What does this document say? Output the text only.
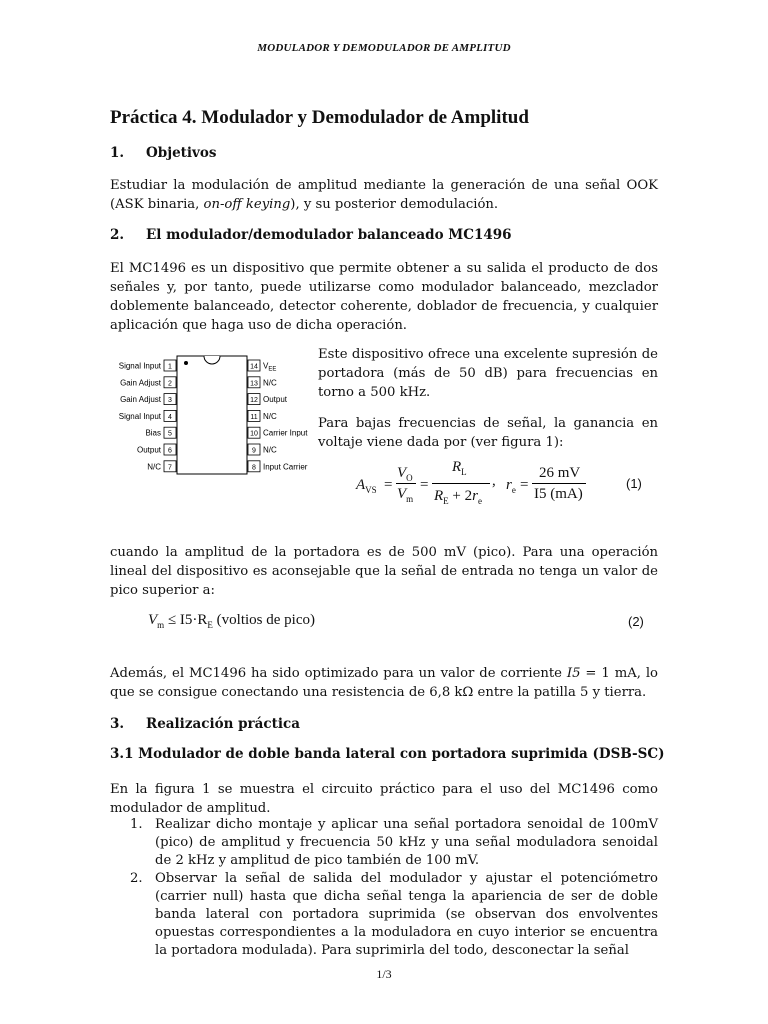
MODULADOR Y DEMODULADOR DE AMPLITUD
Práctica 4. Modulador y Demodulador de Amplitud
1. Objetivos
Estudiar la modulación de amplitud mediante la generación de una señal OOK (ASK binaria, on-off keying), y su posterior demodulación.
2. El modulador/demodulador balanceado MC1496
El MC1496 es un dispositivo que permite obtener a su salida el producto de dos señales y, por tanto, puede utilizarse como modulador balanceado, mezclador doblemente balanceado, detector coherente, doblador de frecuencia, y cualquier aplicación que haga uso de dicha operación.
1
Signal Input
2
Gain Adjust
3
Gain Adjust
4
Signal Input
5
Bias
6
Output
7
N/C
14 $V_{EE}$
13 N/C
12 Output
11 N/C
10 Carrier Input
9 N/C
8 Input Carrier
Este dispositivo ofrece una excelente supresión de portadora (más de 50 dB) para frecuencias en torno a 500 kHz.
Para bajas frecuencias de señal, la ganancia en voltaje viene dada por (ver figura 1):
$A_{VS}$ =
$V_O$
$V_m$
=
$R_L$
$R_E + 2r_e$
, $r_e$ =
26 mV
I5 (mA)
(1)
cuando la amplitud de la portadora es de 500 mV (pico). Para una operación lineal del dispositivo es aconsejable que la señal de entrada no tenga un valor de pico superior a:
$V_m \le I5\cdot R_E$ (voltios de pico)	(2)
Además, el MC1496 ha sido optimizado para un valor de corriente I5 = 1 mA, lo que se consigue conectando una resistencia de 6,8 kΩ entre la patilla 5 y tierra.
3. Realización práctica
3.1 Modulador de doble banda lateral con portadora suprimida (DSB-SC)
En la figura 1 se muestra el circuito práctico para el uso del MC1496 como modulador de amplitud.
1. Realizar dicho montaje y aplicar una señal portadora senoidal de 100mV (pico) de amplitud y frecuencia 50 kHz y una señal moduladora senoidal de 2 kHz y amplitud de pico también de 100 mV.
2. Observar la señal de salida del modulador y ajustar el potenciómetro (carrier null) hasta que dicha señal tenga la apariencia de ser de doble banda lateral con portadora suprimida (se observan dos envolventes opuestas correspondientes a la moduladora en cuyo interior se encuentra la portadora modulada). Para suprimirla del todo, desconectar la señal
1/3
